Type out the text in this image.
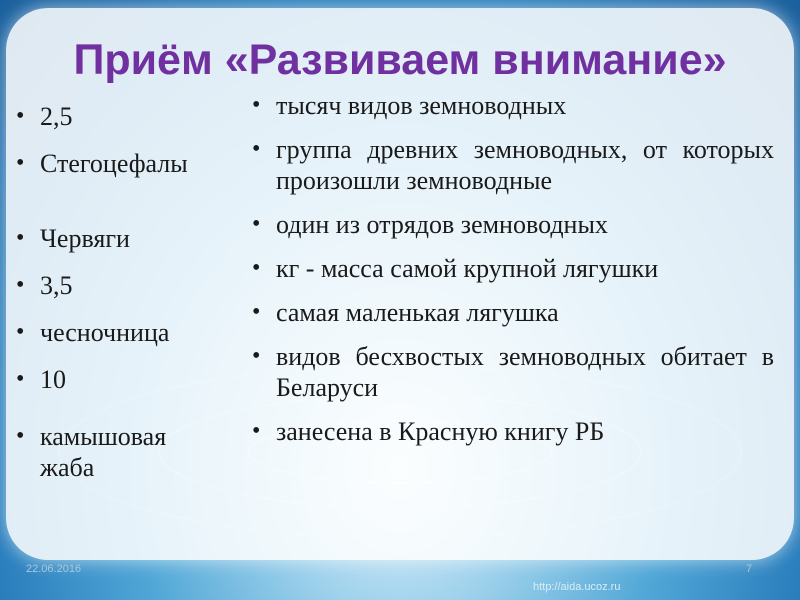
Приём «Развиваем внимание»
• 2,5
• Стегоцефалы
• Червяги
• 3,5
• чесночница
• 10
• камышовая жаба
• тысяч видов земноводных
• группа древних земноводных, от которых произошли земноводные
• один из отрядов земноводных
• кг - масса самой крупной лягушки
• самая маленькая лягушка
• видов бесхвостых земноводных обитает в Беларуси
• занесена в Красную книгу РБ
22.06.2016
http://aida.ucoz.ru
7
